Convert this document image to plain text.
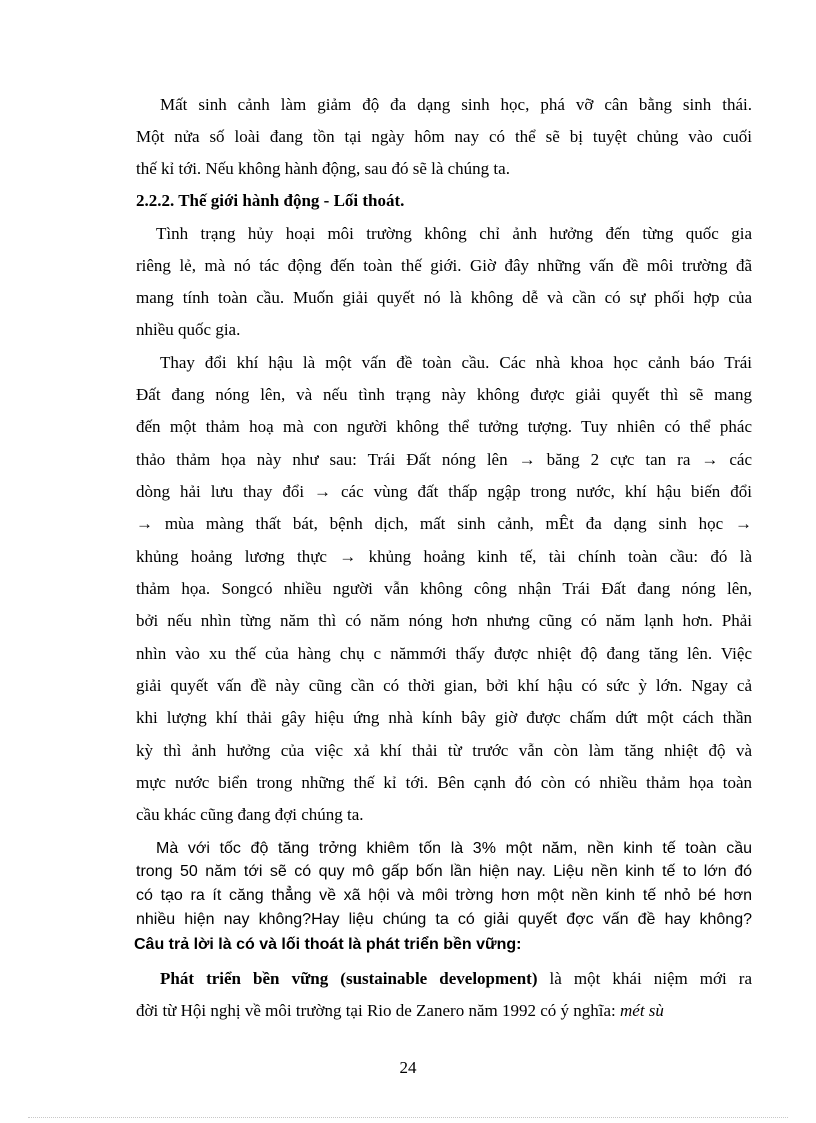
Mất sinh cảnh làm giảm độ đa dạng sinh học, phá vỡ cân bằng sinh thái.
Một nửa số loài đang tồn tại ngày hôm nay có thể sẽ bị tuyệt chủng vào cuối
thế kỉ tới. Nếu không hành động, sau đó sẽ là chúng ta.
2.2.2. Thế giới hành động - Lối thoát.
Tình trạng hủy hoại môi trường không chỉ ảnh hưởng đến từng quốc gia
riêng lẻ, mà nó tác động đến toàn thế giới. Giờ đây những vấn đề môi trường đã
mang tính toàn cầu. Muốn giải quyết nó là không dễ và cần có sự phối hợp của
nhiều quốc gia.
Thay đổi khí hậu là một vấn đề toàn cầu. Các nhà khoa học cảnh báo Trái
Đất đang nóng lên, và nếu tình trạng này không được giải quyết thì sẽ mang
đến một thảm hoạ mà con người không thể tưởng tượng. Tuy nhiên có thể phác
thảo thảm họa này như sau: Trái Đất nóng lên → băng 2 cực tan ra → các
dòng hải lưu thay đổi → các vùng đất thấp ngập trong nước, khí hậu biến đổi
→ mùa màng thất bát, bệnh dịch, mất sinh cảnh, mÊt đa dạng sinh học →
khủng hoảng lương thực → khủng hoảng kinh tế, tài chính toàn cầu: đó là
thảm họa. Songcó nhiều người vẫn không công nhận Trái Đất đang nóng lên,
bởi nếu nhìn từng năm thì có năm nóng hơn nhưng cũng có năm lạnh hơn. Phải
nhìn vào xu thế của hàng chụ c nămmới thấy được nhiệt độ đang tăng lên. Việc
giải quyết vấn đề này cũng cần có thời gian, bởi khí hậu có sức ỳ lớn. Ngay cả
khi lượng khí thải gây hiệu ứng nhà kính bây giờ được chấm dứt một cách thần
kỳ thì ảnh hưởng của việc xả khí thải từ trước vẫn còn làm tăng nhiệt độ và
mực nước biển trong những thế kỉ tới. Bên cạnh đó còn có nhiều thảm họa toàn
cầu khác cũng đang đợi chúng ta.
Mà với tốc độ tăng trởng khiêm tốn là 3% một năm, nền kinh tế toàn cầu
trong 50 năm tới sẽ có quy mô gấp bốn lần hiện nay. Liệu nền kinh tế to lớn đó
có tạo ra ít căng thẳng về xã hội và môi trờng hơn một nền kinh tế nhỏ bé hơn
nhiều hiện nay không?Hay liệu chúng ta có giải quyết đợc vấn đề hay không?
Câu trả lời là có và lối thoát là phát triển bền vững:
Phát triển bền vững (sustainable development) là một khái niệm mới ra
đời từ Hội nghị về môi trường tại Rio de Zanero năm 1992 có ý nghĩa: mét sù
24
